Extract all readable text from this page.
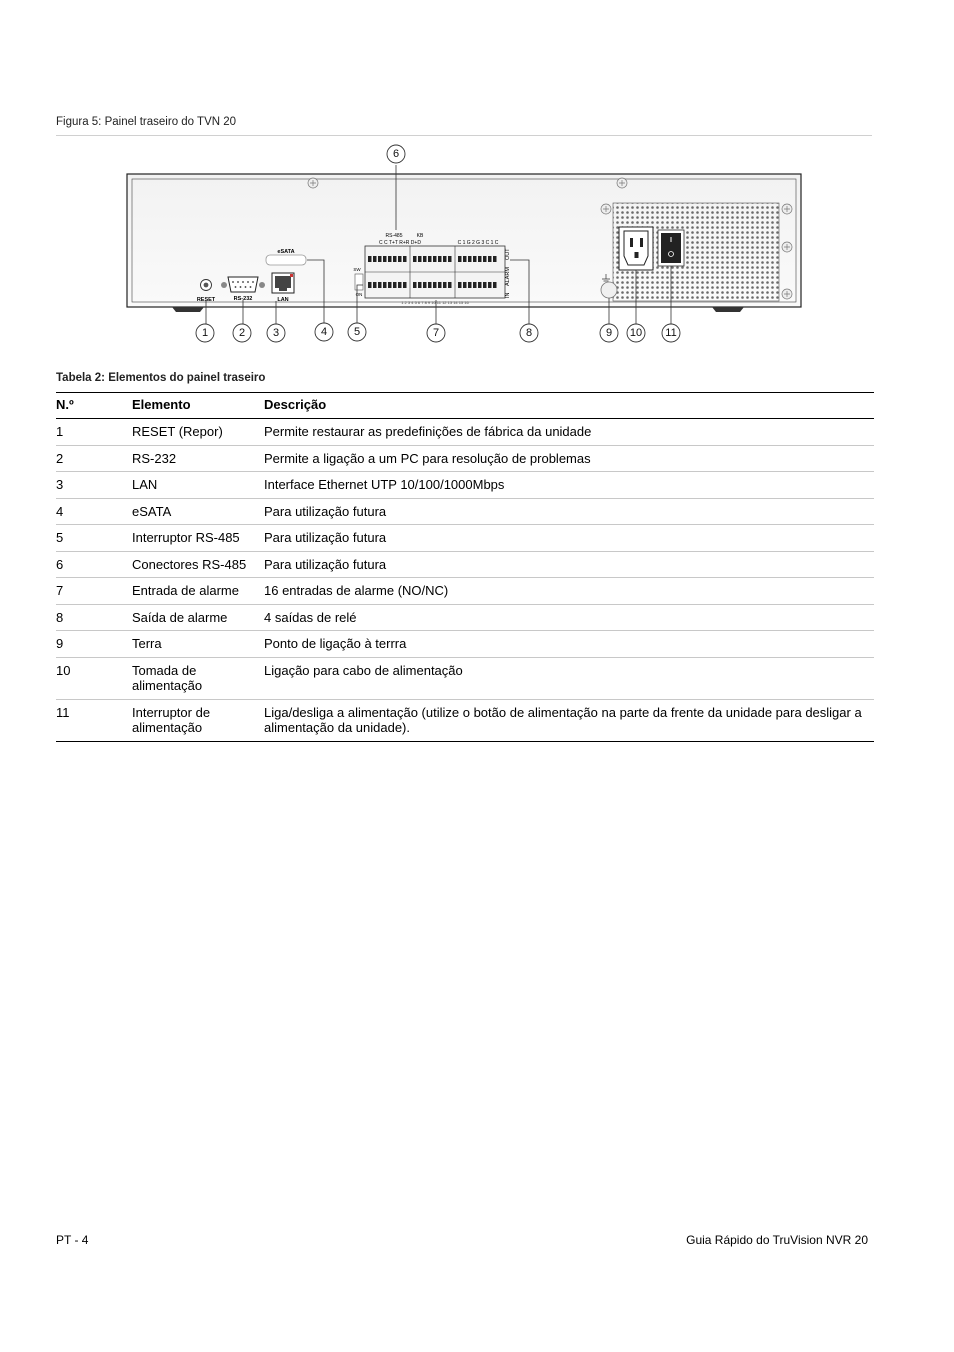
Figura 5: Painel traseiro do TVN 20
RESET	RS-232	LAN
eSATA
SW
ON
RS-485	KB
C C T+T R+R D+D	C 1 G 2 G 3 C 1 C
1 2 3 4 5 6 7 8 9 10 11 12 13 14 15 16
IN
ALARM
OUT
6
1	2	3	4 5	7	8	9 10 11
Tabela 2: Elementos do painel traseiro
N.º	Elemento	Descrição
1	RESET (Repor)	Permite restaurar as predefinições de fábrica da unidade
2	RS-232	Permite a ligação a um PC para resolução de problemas
3	LAN	Interface Ethernet UTP 10/100/1000Mbps
4	eSATA	Para utilização futura
5	Interruptor RS-485	Para utilização futura
6	Conectores RS-485	Para utilização futura
7	Entrada de alarme	16 entradas de alarme (NO/NC)
8	Saída de alarme	4 saídas de relé
9	Terra	Ponto de ligação à terrra
10	Tomada de alimentação	Ligação para cabo de alimentação
11	Interruptor de alimentação	Liga/desliga a alimentação (utilize o botão de alimentação na parte da frente da unidade para desligar a alimentação da unidade).
PT - 4	Guia Rápido do TruVision NVR 20
